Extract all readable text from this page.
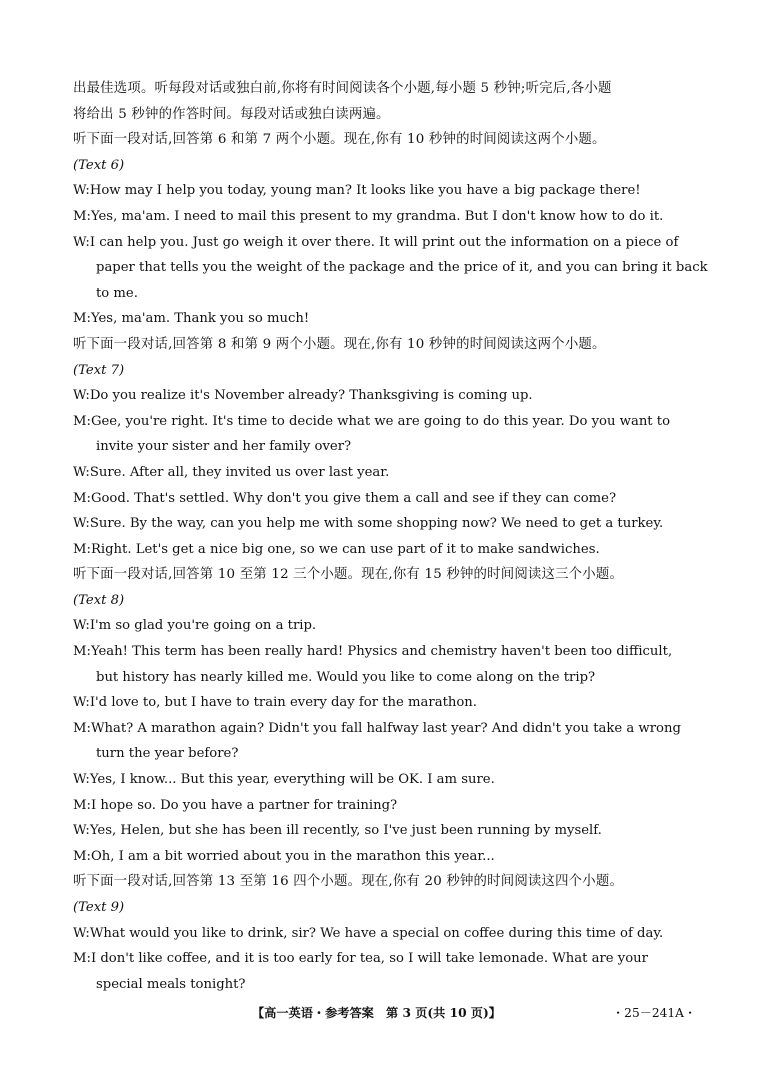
出最佳选项。听每段对话或独白前,你将有时间阅读各个小题,每小题 5 秒钟;听完后,各小题
将给出 5 秒钟的作答时间。每段对话或独白读两遍。
听下面一段对话,回答第 6 和第 7 两个小题。现在,你有 10 秒钟的时间阅读这两个小题。
(Text 6)
W:How may I help you today, young man? It looks like you have a big package there!
M:Yes, ma'am. I need to mail this present to my grandma. But I don't know how to do it.
W:I can help you. Just go weigh it over there. It will print out the information on a piece of
paper that tells you the weight of the package and the price of it, and you can bring it back
to me.
M:Yes, ma'am. Thank you so much!
听下面一段对话,回答第 8 和第 9 两个小题。现在,你有 10 秒钟的时间阅读这两个小题。
(Text 7)
W:Do you realize it's November already? Thanksgiving is coming up.
M:Gee, you're right. It's time to decide what we are going to do this year. Do you want to
invite your sister and her family over?
W:Sure. After all, they invited us over last year.
M:Good. That's settled. Why don't you give them a call and see if they can come?
W:Sure. By the way, can you help me with some shopping now? We need to get a turkey.
M:Right. Let's get a nice big one, so we can use part of it to make sandwiches.
听下面一段对话,回答第 10 至第 12 三个小题。现在,你有 15 秒钟的时间阅读这三个小题。
(Text 8)
W:I'm so glad you're going on a trip.
M:Yeah! This term has been really hard! Physics and chemistry haven't been too difficult,
but history has nearly killed me. Would you like to come along on the trip?
W:I'd love to, but I have to train every day for the marathon.
M:What? A marathon again? Didn't you fall halfway last year? And didn't you take a wrong
turn the year before?
W:Yes, I know... But this year, everything will be OK. I am sure.
M:I hope so. Do you have a partner for training?
W:Yes, Helen, but she has been ill recently, so I've just been running by myself.
M:Oh, I am a bit worried about you in the marathon this year...
听下面一段对话,回答第 13 至第 16 四个小题。现在,你有 20 秒钟的时间阅读这四个小题。
(Text 9)
W:What would you like to drink, sir? We have a special on coffee during this time of day.
M:I don't like coffee, and it is too early for tea, so I will take lemonade. What are your
special meals tonight?
【高一英语・参考答案　第 3 页(共 10 页)】	・25－241A・
